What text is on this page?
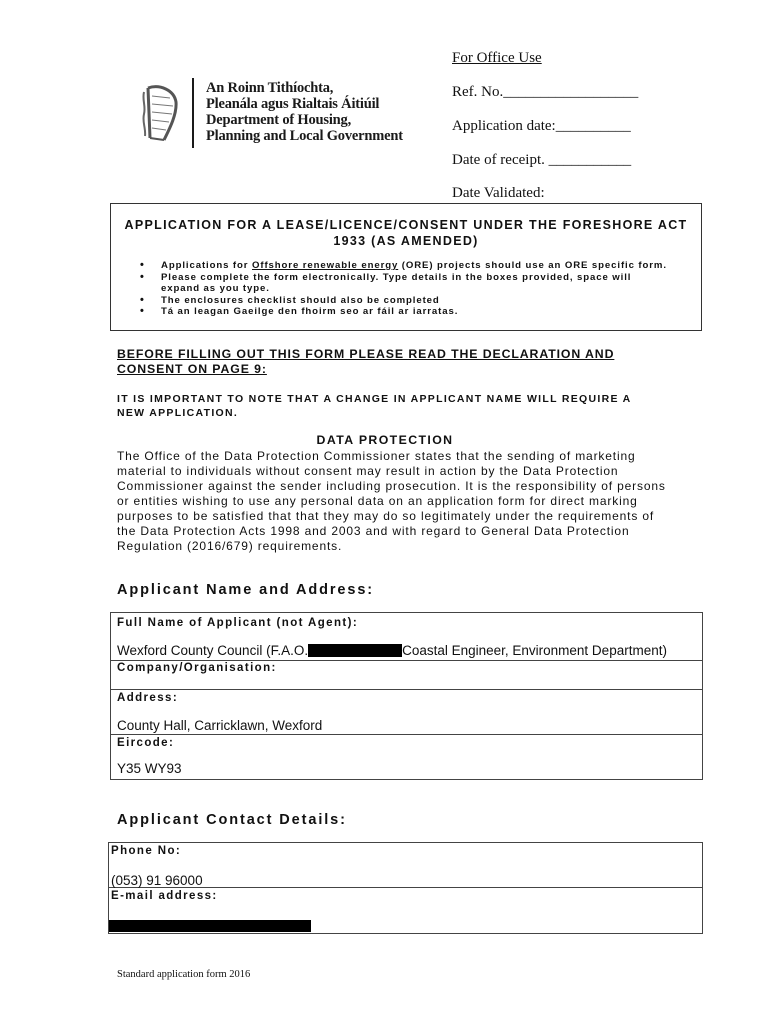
An Roinn Tithíochta,
Pleanála agus Rialtais Áitiúil
Department of Housing,
Planning and Local Government
For Office Use
Ref. No.__________________
Application date:__________
Date of receipt. ___________
Date Validated:
APPLICATION FOR A LEASE/LICENCE/CONSENT UNDER THE FORESHORE ACT
1933 (AS AMENDED)
• Applications for Offshore renewable energy (ORE) projects should use an ORE specific form.
• Please complete the form electronically. Type details in the boxes provided, space will expand as you type.
• The enclosures checklist should also be completed
• Tá an leagan Gaeilge den fhoirm seo ar fáil ar iarratas.
BEFORE FILLING OUT THIS FORM PLEASE READ THE DECLARATION AND CONSENT ON PAGE 9:
IT IS IMPORTANT TO NOTE THAT A CHANGE IN APPLICANT NAME WILL REQUIRE A NEW APPLICATION.
DATA PROTECTION
The Office of the Data Protection Commissioner states that the sending of marketing material to individuals without consent may result in action by the Data Protection Commissioner against the sender including prosecution. It is the responsibility of persons or entities wishing to use any personal data on an application form for direct marking purposes to be satisfied that that they may do so legitimately under the requirements of the Data Protection Acts 1998 and 2003 and with regard to General Data Protection Regulation (2016/679) requirements.
Applicant Name and Address:
Full Name of Applicant (not Agent):
Wexford County Council (F.A.O.	Coastal Engineer, Environment Department)
Company/Organisation:
Address:
County Hall, Carricklawn, Wexford
Eircode:
Y35 WY93
Applicant Contact Details:
Phone No:
(053) 91 96000
E-mail address:
Standard application form 2016
